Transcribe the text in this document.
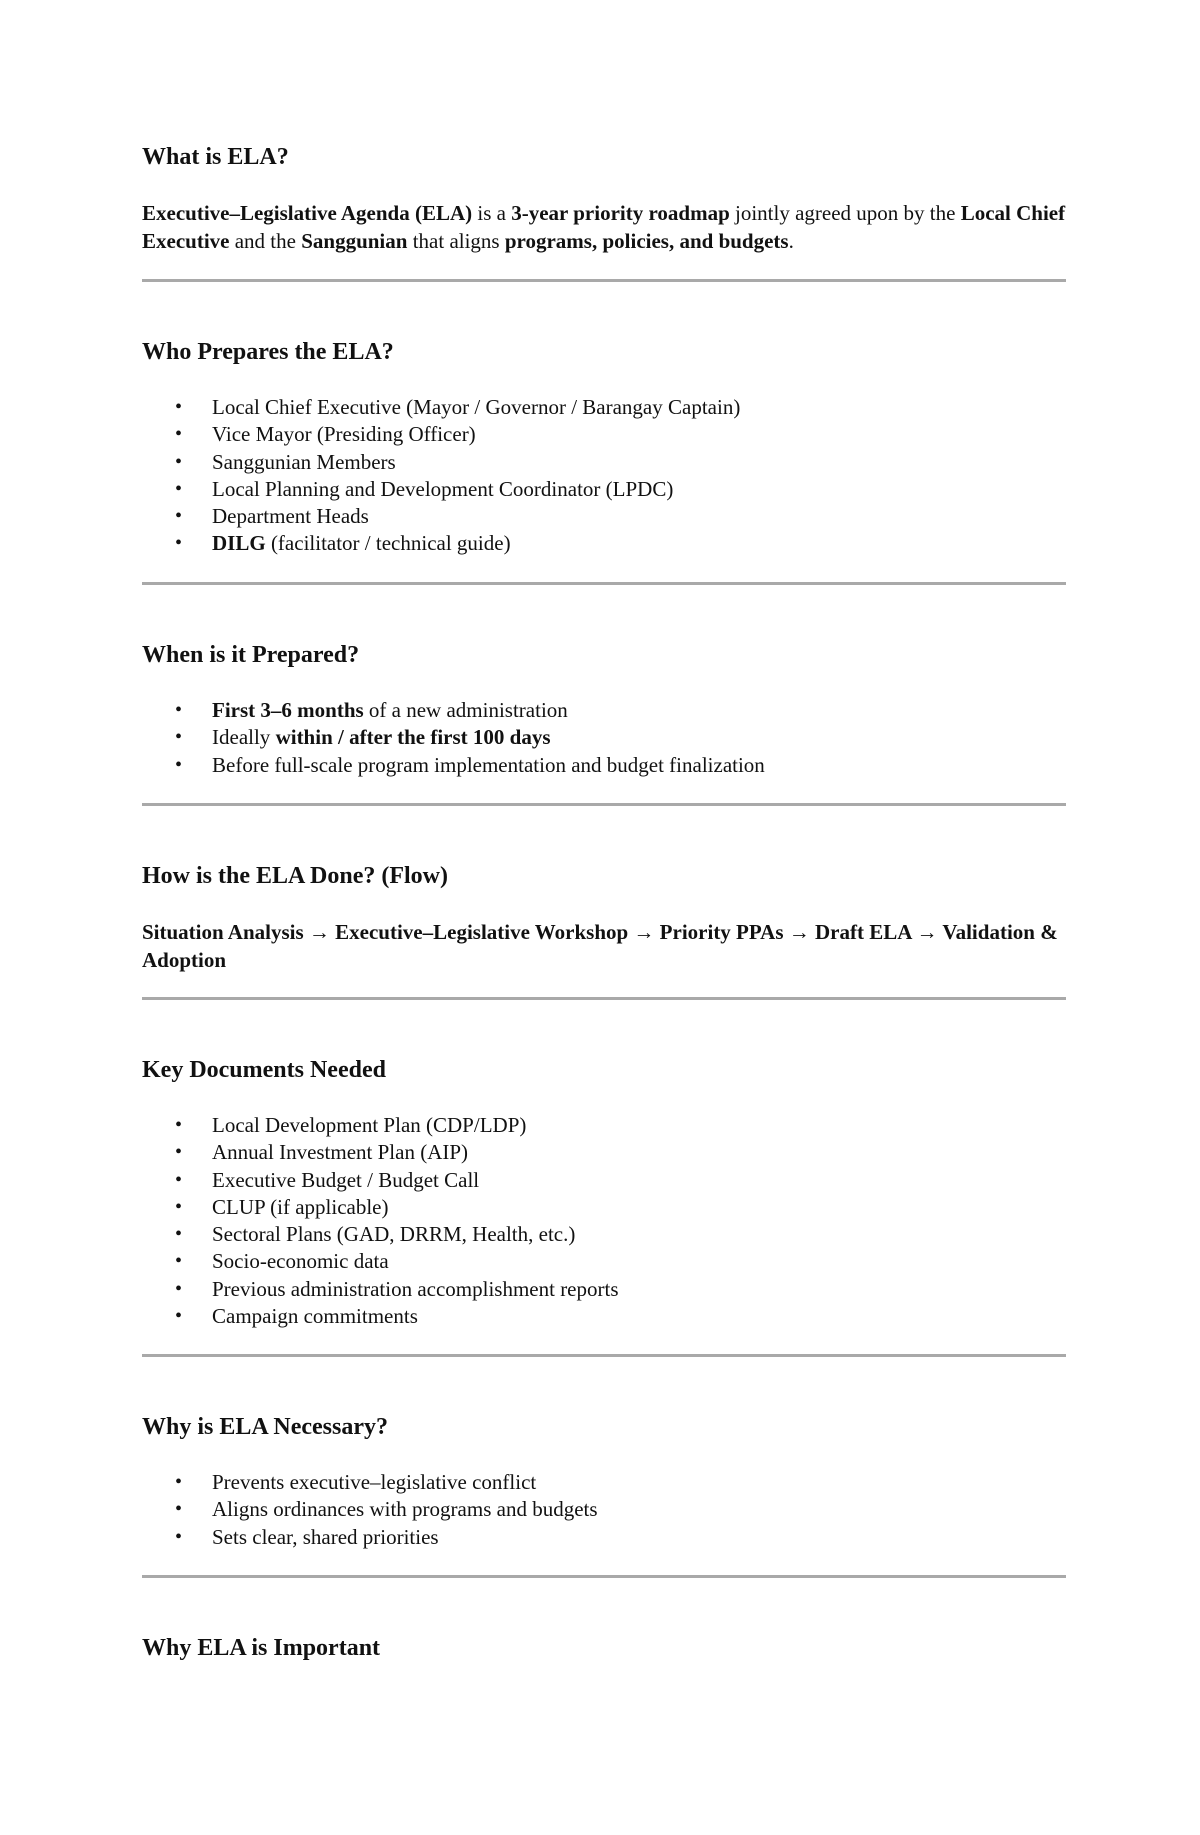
What is ELA?

Executive–Legislative Agenda (ELA) is a 3-year priority roadmap jointly agreed upon by the Local Chief Executive and the Sanggunian that aligns programs, policies, and budgets.

Who Prepares the ELA?
• Local Chief Executive (Mayor / Governor / Barangay Captain)
• Vice Mayor (Presiding Officer)
• Sanggunian Members
• Local Planning and Development Coordinator (LPDC)
• Department Heads
• DILG (facilitator / technical guide)
When is it Prepared?
• First 3–6 months of a new administration
• Ideally within / after the first 100 days
• Before full-scale program implementation and budget finalization
How is the ELA Done? (Flow)

Situation Analysis → Executive–Legislative Workshop → Priority PPAs → Draft ELA → Validation & Adoption

Key Documents Needed
• Local Development Plan (CDP/LDP)
• Annual Investment Plan (AIP)
• Executive Budget / Budget Call
• CLUP (if applicable)
• Sectoral Plans (GAD, DRRM, Health, etc.)
• Socio-economic data
• Previous administration accomplishment reports
• Campaign commitments
Why is ELA Necessary?
• Prevents executive–legislative conflict
• Aligns ordinances with programs and budgets
• Sets clear, shared priorities
Why ELA is Important
